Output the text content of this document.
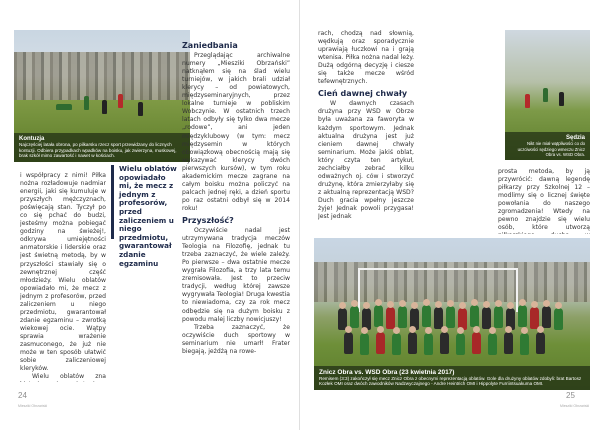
Kontuzja
Najczęściej latała obrona, po pilkarsku rzecz sport przewidzany do licznych kontuzji. Odbiera przypadkach wpadków na boisku, jak zwierzyna, muskowej, brak szkół mimo zawartość i nawet w kościach.

i współpracy z nimi! Piłka nożna rozładowuje nadmiar energii, jaki się kumuluje w przyszłych mężczyznach, poświęcają stan. Tyczył po co się pchać do budzi, jesteśmy można pobiegać godziny na świeżej!, odkrywa umiejętności anmatorskie i liderskie oraz jest świetną metodą, by w przyszłości stawiały się o zewnętrznej część młodzieży. Wielu oblatów opowiadało mi, że mecz z jednym z profesorów, przed zaliczeniem u niego przedmiotu, gwarantował zdanie egzaminu – zwrotką wiekowej ocie. Wątpy sprawia wrażenie zasmuconego, że już nie może w ten sposób ułatwić sobie zaliczeniowej kleryków.

Wielu oblatów zna

Wielu oblatów opowiadało mi, że mecz z jednym z profesorów, przed zaliczeniem u niego przedmiotu, gwarantował zdanie egzaminu
Zaniedbania

Przeglądając archiwalne numery „Miesziki Obrzański” natknąłem się na ślad wielu turniejów, w jakich brali udział klerycy – od powiatowych, międzyseminaryjnych, przez lokalne turnieje w pobliskim Wobczynie. W ostatnich trzech latach odbyły się tylko dwa mecze „rodowe”, ani jeden międzyklubowy (w tym: mecz międzysemin w których obowiązkową obecnością mają się wykazywać klerycy dwóch pierwszych kursów), w tym roku akademickim mecze zagrane na całym boisku można policzyć na palcach jednej ręki, a dzień sportu po raz ostatni odbył się w 2014 roku!

Przyszłość?

Oczywiście nadal jest utrzymywana tradycja meczów Teologia na Filozofię, jednak tu trzeba zaznaczyć, że wiele zależy. Po pierwsze – dwa ostatnie mecze wygrała Filozofia, a trzy lata temu zremisowała. Jest to przeciw tradycji, według której zawsze wygrywała Teologia! Druga kwestia to niewiadoma, czy za rok mecz odbędzie się na dużym boisku z powodu malej liczby nowicjuszy!

Trzeba zaznaczyć, że oczywiście duch sportowy w seminarium nie umarł! Frater biegają, jeżdżą na rowe-

24
Miesziki Obrzański

rach, chodzą nad słownią, wędkują oraz sporadycznie uprawiają łuczkowi na i grają wtenisa. Piłka nożna nadal leży. Dużą odgórną decyzję i ciesze się także mecze wśród tefewnętrznych.

Cień dawnej chwały

W dawnych czasach drużyna przy WSD w Obrze była uważana za faworyta w każdym sportowym. Jednak aktualna drużyna jest już cieniem dawnej chwały seminarium. Może jakiś oblat, który czyta ten artykuł, zechciałby zebrać kilku odważnych oj. ców i stworzyć drużynę, która zmierzyłaby się z aktualną reprezentacją WSD? Duch gracia wpełny jeszcze żyje! Jednak powoli przygasa! Jest jednak

Sędzia
Nikt nie miał wątpliwości co do uczciwości sędziego wmeczu Znicz Obra vs. WSD Obra.

prosta metoda, by ją przywrócić: dawną legendę piłkarzy przy Szkolnej 12 – modlimy się o licznej święte powołania do naszego zgromadzenia! Wtedy na pewno znajdzie się wielu osób, które utworzą

Znicz Obra vs. WSD Obra (23 kwietnia 2017)
Remisem (3:3) zakończył się mecz Znicz Obra z obecnymi reprezentacją oblatów. Gole dla drużyny oblatów zdobyli: brat Bartosz Kozłek OMI oraz dwóch zawodników Nadzwyczajnego - Andre Heintrich OMI i Hippolyte Furriintsuakuma OMI.
25
Miesziki Obrzański
